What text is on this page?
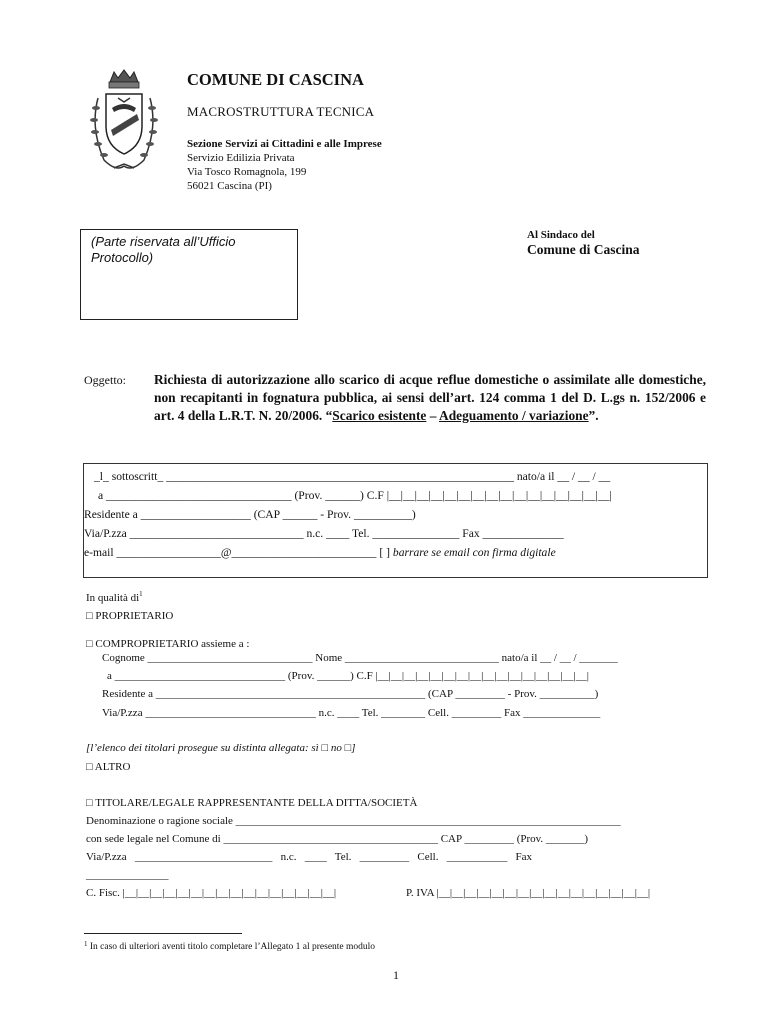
COMUNE DI CASCINA
MACROSTRUTTURA TECNICA
Sezione Servizi ai Cittadini e alle Imprese
Servizio Edilizia Privata
Via Tosco Romagnola, 199
56021 Cascina (PI)
(Parte riservata all’Ufficio Protocollo)
Al Sindaco del
Comune di Cascina
Oggetto: Richiesta di autorizzazione allo scarico di acque reflue domestiche o assimilate alle domestiche, non recapitanti in fognatura pubblica, ai sensi dell’art. 124 comma 1 del D. L.gs n. 152/2006 e art. 4 della L.R.T. N. 20/2006. “Scarico esistente – Adeguamento / variazione”.
_l_ sottoscritt_ ____________________________________________________________ nato/a il __ / __ / __
a ________________________________ (Prov. ______) C.F |__|__|__|__|__|__|__|__|__|__|__|__|__|__|__|__|
Residente a ___________________ (CAP ______ - Prov. __________)
Via/P.zza ______________________________ n.c. ____ Tel. _______________ Fax ______________
e-mail __________________@_________________________ [ ] barrare se email con firma digitale
In qualità $di^1$
□ PROPRIETARIO
□ COMPROPRIETARIO assieme a :
Cognome ______________________________ Nome ____________________________ nato/a il __ / __ / _______
a _______________________________ (Prov. ______) C.F |__|__|__|__|__|__|__|__|__|__|__|__|__|__|__|__|
Residente a _________________________________________________ (CAP _________ - Prov. __________)
Via/P.zza _______________________________ n.c. ____ Tel. ________ Cell. _________ Fax ______________
[l’elenco dei titolari prosegue su distinta allegata: sì □ no □]
□ ALTRO
□ TITOLARE/LEGALE RAPPRESENTANTE DELLA DITTA/SOCIETÀ
Denominazione o ragione sociale ______________________________________________________________________
con sede legale nel Comune di _______________________________________ CAP _________ (Prov. _______)
Via/P.zza   _________________________   n.c.   ____   Tel.   _________   Cell.   ___________   Fax
_______________
C. Fisc. |__|__|__|__|__|__|__|__|__|__|__|__|__|__|__|__|	P. IVA |__|__|__|__|__|__|__|__|__|__|__|__|__|__|__|__|
$^1$ In caso di ulteriori aventi titolo completare l’Allegato 1 al presente modulo
1
